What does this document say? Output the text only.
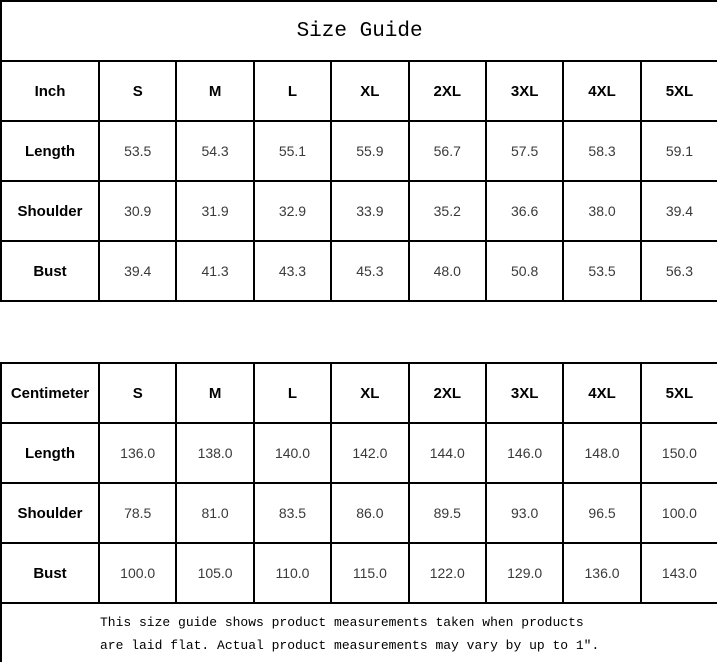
Size Guide								
Inch	S	M	L	XL	2XL	3XL	4XL	5XL
Length	53.5	54.3	55.1	55.9	56.7	57.5	58.3	59.1
Shoulder	30.9	31.9	32.9	33.9	35.2	36.6	38.0	39.4
Bust	39.4	41.3	43.3	45.3	48.0	50.8	53.5	56.3
Centimeter	S	M	L	XL	2XL	3XL	4XL	5XL
Length	136.0	138.0	140.0	142.0	144.0	146.0	148.0	150.0
Shoulder	78.5	81.0	83.5	86.0	89.5	93.0	96.5	100.0
Bust	100.0	105.0	110.0	115.0	122.0	129.0	136.0	143.0

This size guide shows product measurements taken when products
are laid flat. Actual product measurements may vary by up to 1″.								
